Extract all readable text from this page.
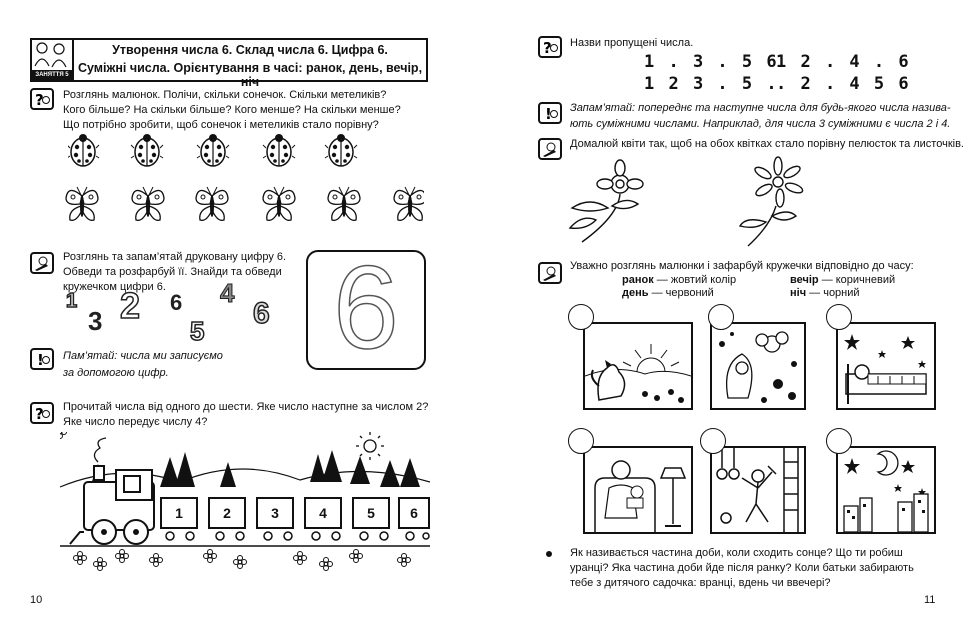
ЗАНЯТТЯ 5
Утворення числа 6. Склад числа 6. Цифра 6.
Суміжні числа. Орієнтування в часі: ранок, день, вечір, ніч
? Розглянь малюнок. Полічи, скільки сонечок. Скільки метеликів?
Кого більше? На скільки більше? Кого менше? На скільки менше?
Що потрібно зробити, щоб сонечок і метеликів стало порівну?
Розглянь та запам’ятай друковану цифру 6.
Обведи та розфарбуй її. Знайди та обведи
кружечком цифри 6.
1
3 2 6
5
4
6 6
! Пам’ятай: числа ми записуємо
за допомогою цифр.
? Прочитай числа від одного до шести. Яке число наступне за числом 2?
Яке число передує числу 4?
1	2	3	4	5	6
10
? Назви пропущені числа.
1 . 3 . 5 6
1 2 . 4 . 6
1 2 3 . 5 .
. 2 . 4 5 6
! Запам’ятай: попереднє та наступне числа для будь-якого числа назива-
ють суміжними числами. Наприклад, для числа 3 суміжними є числа 2 і 4.
Домалюй квіти так, щоб на обох квітках стало порівну пелюсток та листочків.
Уважно розглянь малюнки і зафарбуй кружечки відповідно до часу:
ранок — жовтий колір
день — червоний
вечір — коричневий
ніч — чорний
Як називається частина доби, коли сходить сонце? Що ти робиш
уранці? Яка частина доби йде після ранку? Коли батьки забирають
тебе з дитячого садочка: вранці, вдень чи ввечері?
11
